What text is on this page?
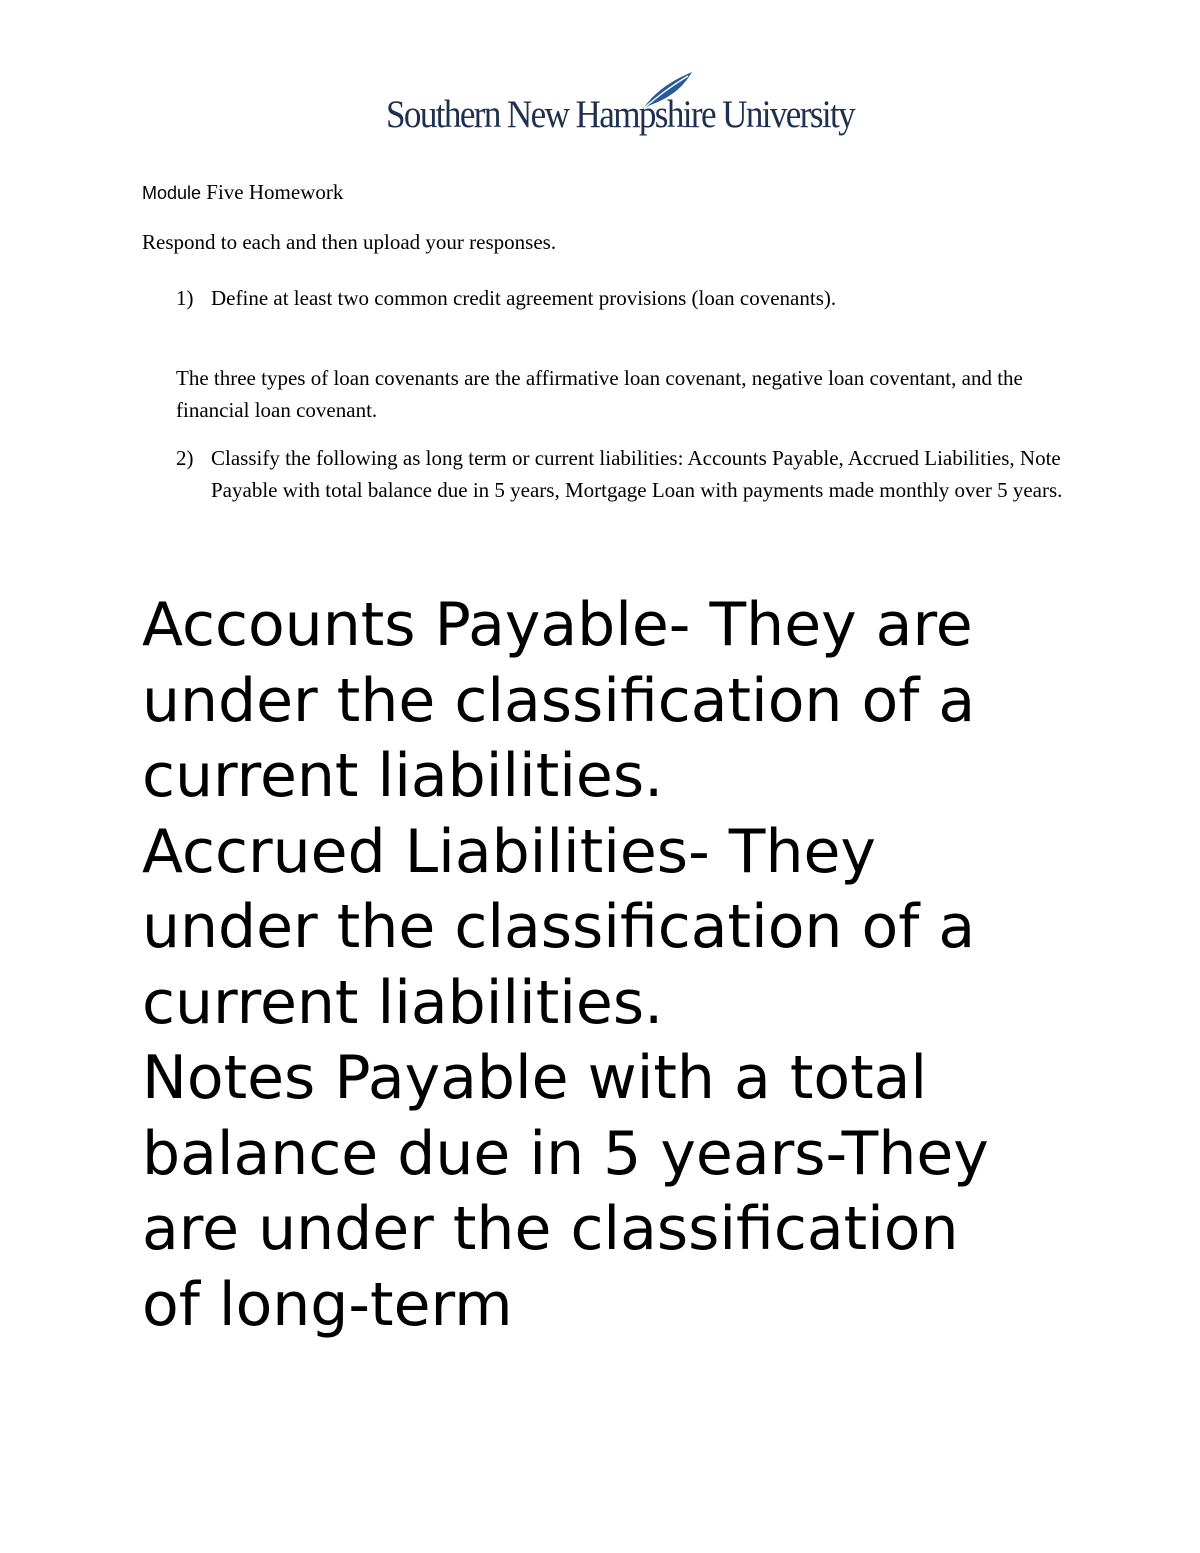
Southern New Hampshire University
Module Five Homework
Respond to each and then upload your responses.
1) Define at least two common credit agreement provisions (loan covenants).
The three types of loan covenants are the affirmative loan covenant, negative loan coventant, and the financial loan covenant.
2) Classify the following as long term or current liabilities: Accounts Payable, Accrued Liabilities, Note Payable with total balance due in 5 years, Mortgage Loan with payments made monthly over 5 years.
Accounts Payable- They are
under the classification of a
current liabilities.
Accrued Liabilities- They
under the classification of a
current liabilities.
Notes Payable with a total
balance due in 5 years-They
are under the classification
of long-term
